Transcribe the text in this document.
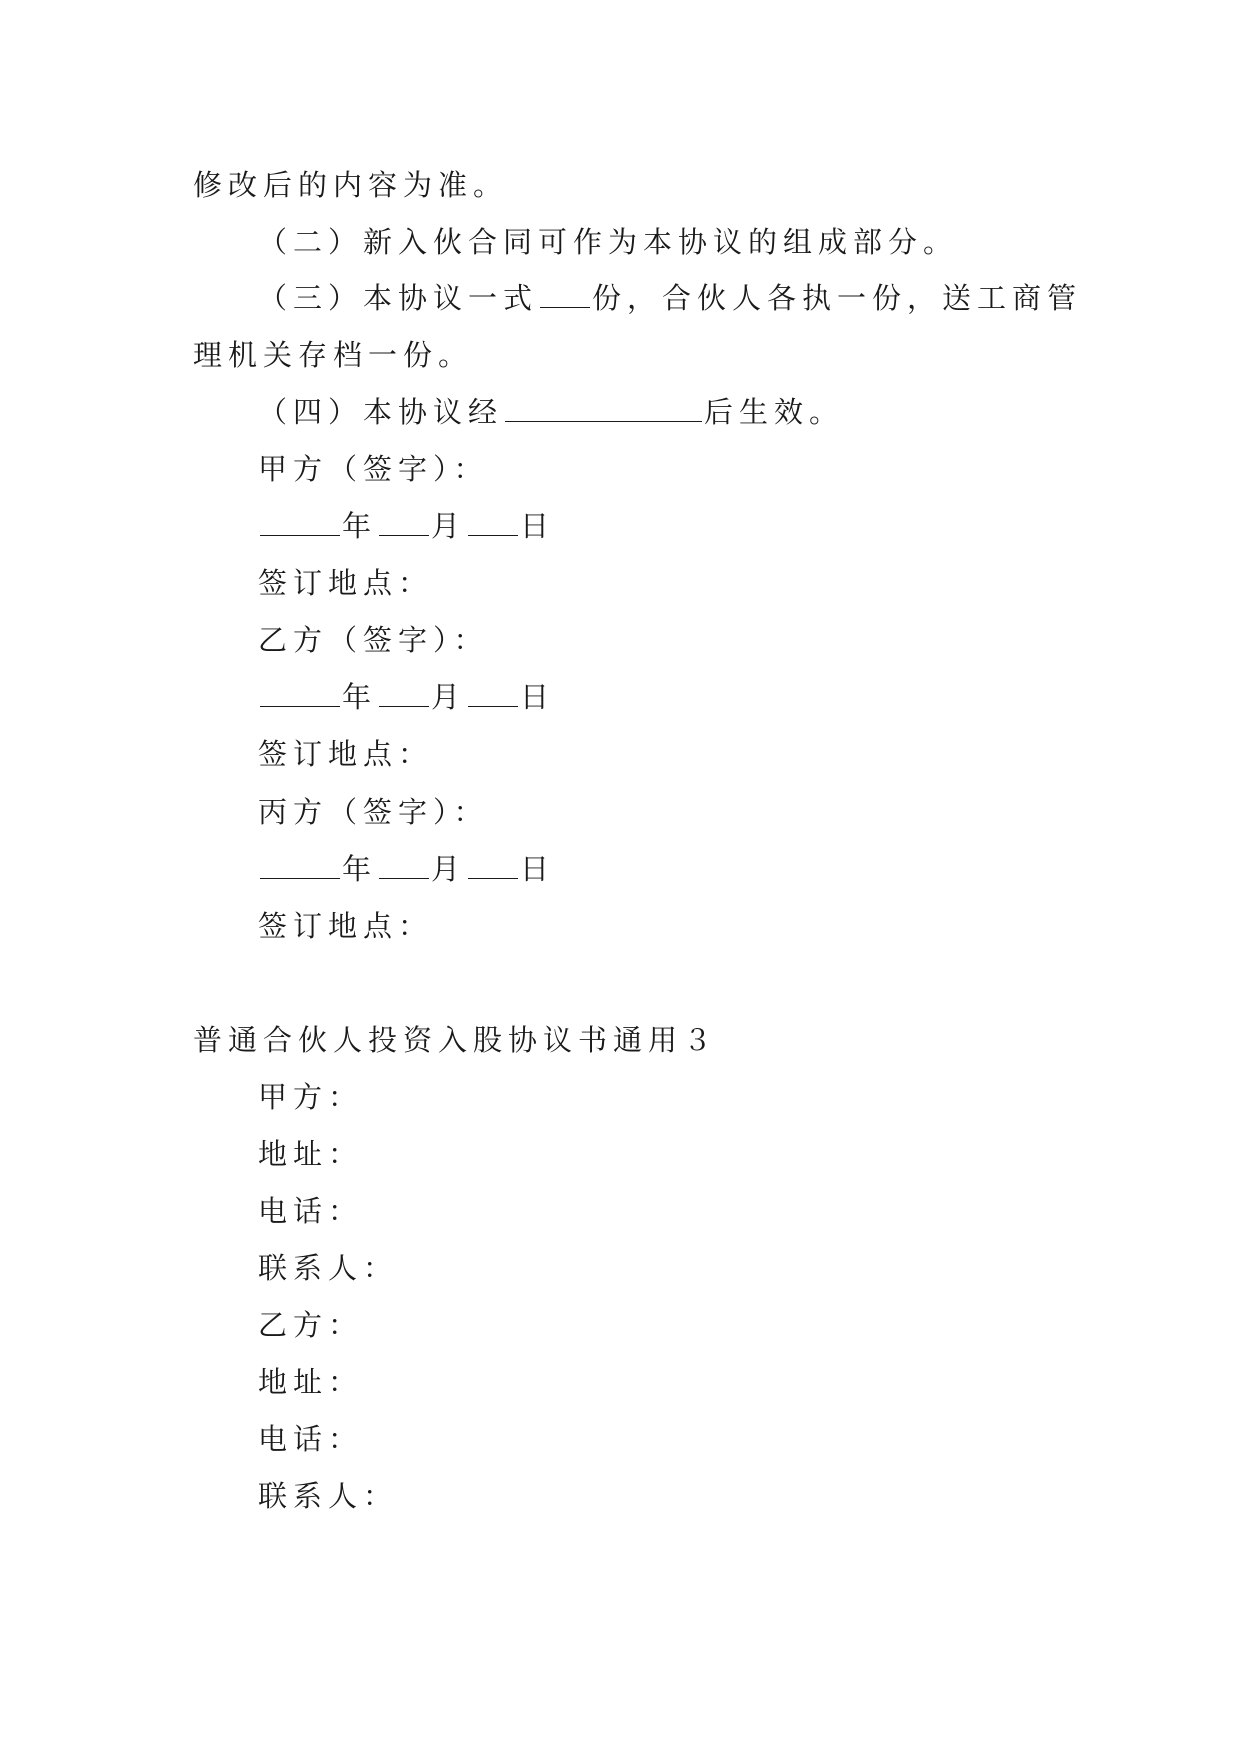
修改后的内容为准。
（二）新入伙合同可作为本协议的组成部分。
（三）本协议一式 份，合伙人各执一份，送工商管
理机关存档一份。
（四）本协议经	后生效。
甲方（签字）：
年 月 日
签订地点：
乙方（签字）：
年 月 日
签订地点：
丙方（签字）：
年 月 日
签订地点：
普通合伙人投资入股协议书通用３
甲方：
地址：
电话：
联系人：
乙方：
地址：
电话：
联系人：
